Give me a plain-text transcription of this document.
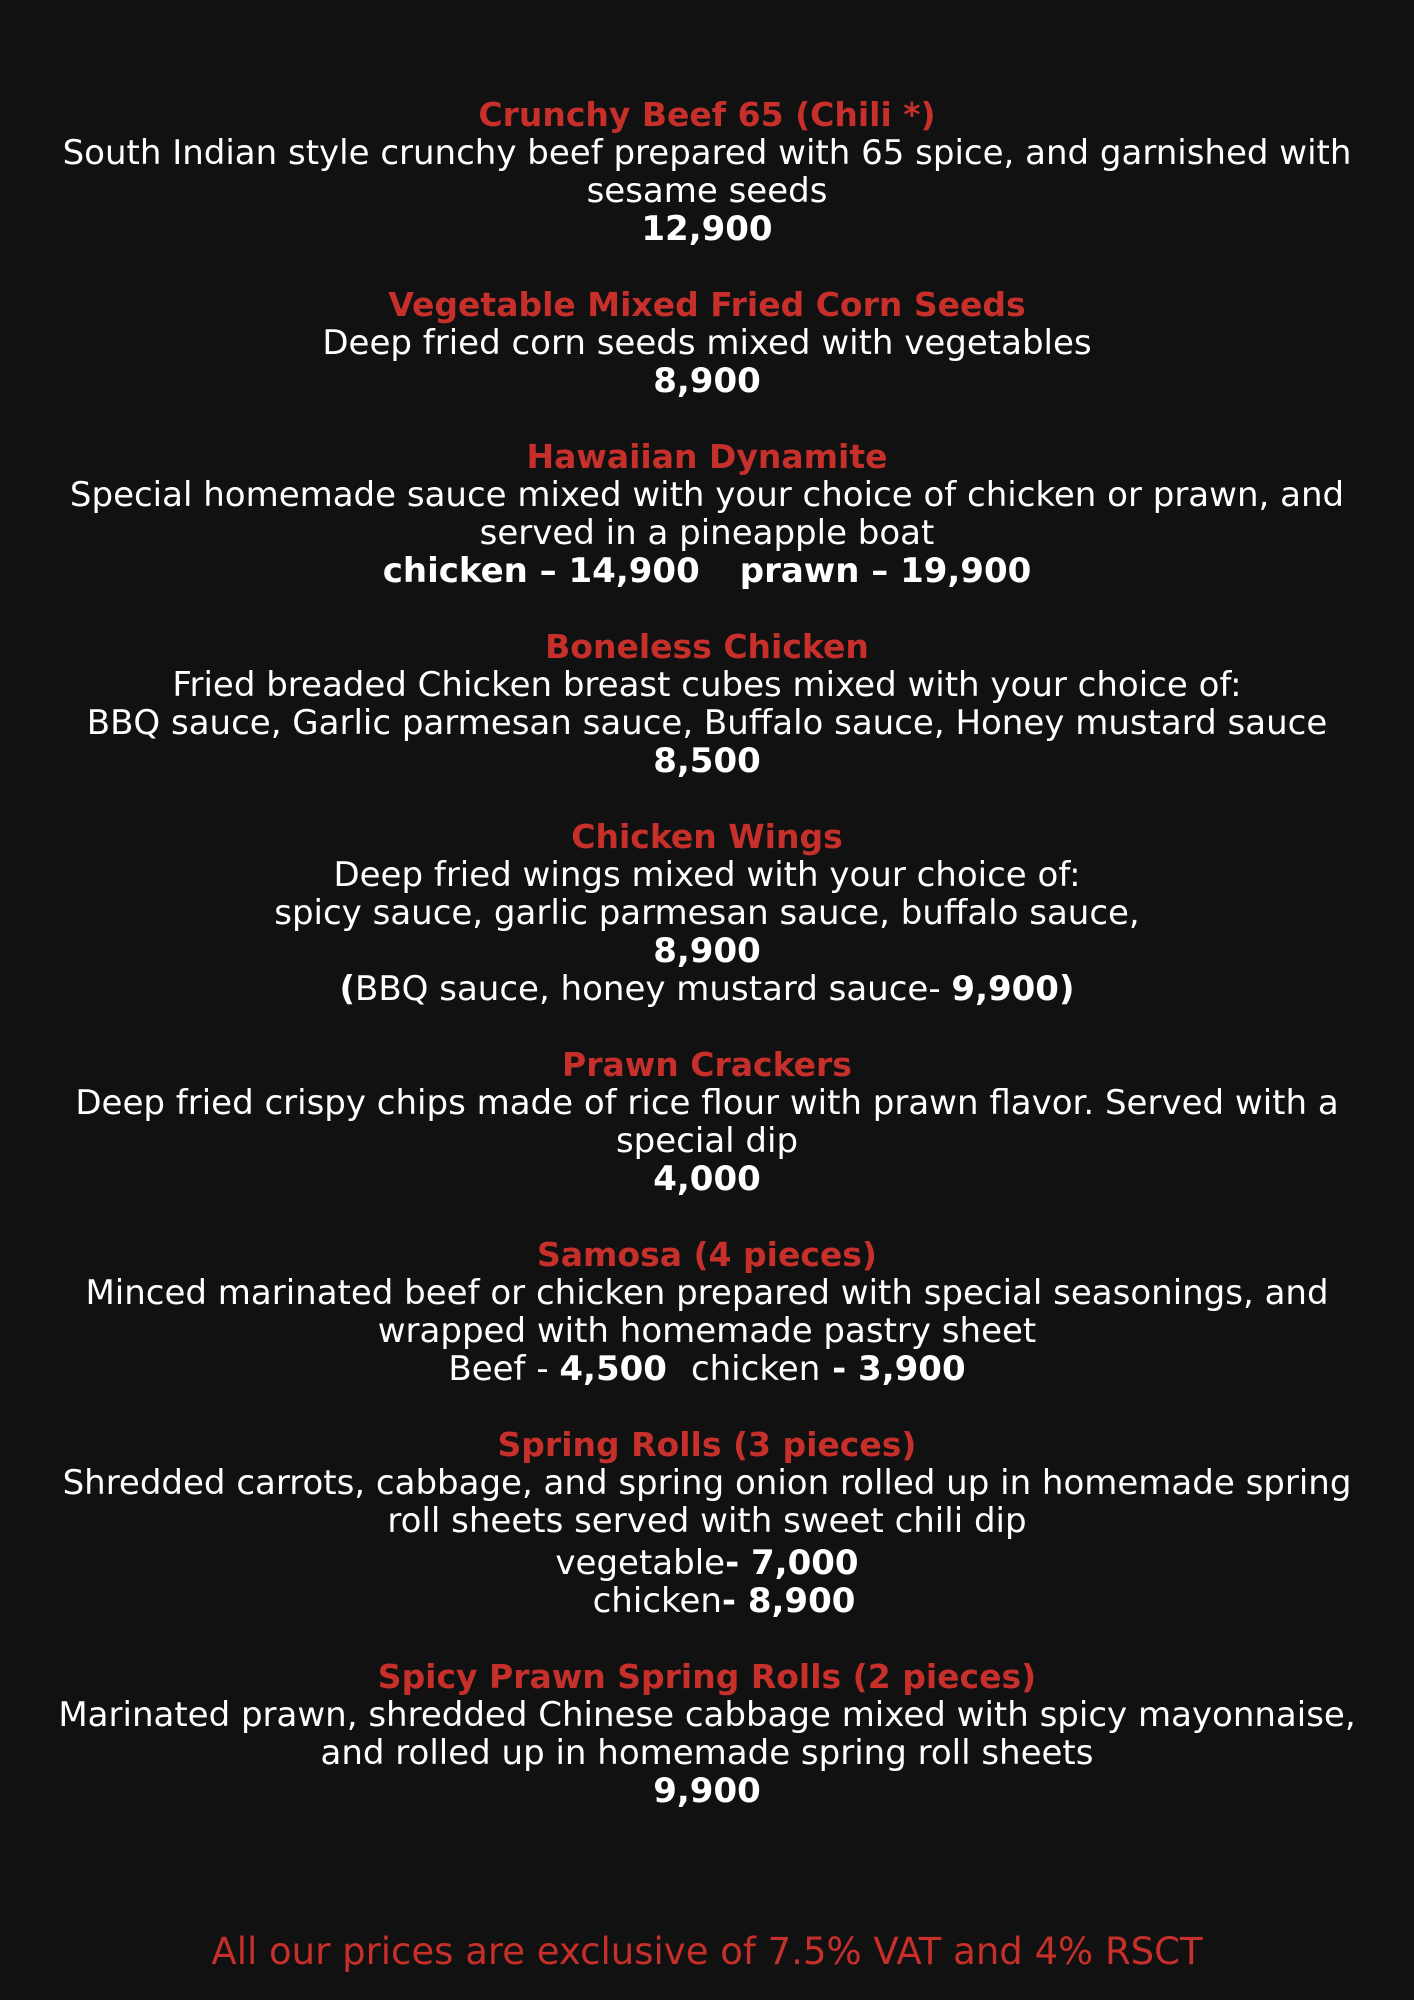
Crunchy Beef 65 (Chili *)
South Indian style crunchy beef prepared with 65 spice, and garnished with
sesame seeds
12,900
Vegetable Mixed Fried Corn Seeds
Deep fried corn seeds mixed with vegetables
8,900
Hawaiian Dynamite
Special homemade sauce mixed with your choice of chicken or prawn, and
served in a pineapple boat
chicken – 14,900 prawn – 19,900
Boneless Chicken
Fried breaded Chicken breast cubes mixed with your choice of:
BBQ sauce, Garlic parmesan sauce, Buffalo sauce, Honey mustard sauce
8,500
Chicken Wings
Deep fried wings mixed with your choice of:
spicy sauce, garlic parmesan sauce, buffalo sauce,
8,900
(BBQ sauce, honey mustard sauce- 9,900)
Prawn Crackers
Deep fried crispy chips made of rice flour with prawn flavor. Served with a
special dip
4,000
Samosa (4 pieces)
Minced marinated beef or chicken prepared with special seasonings, and
wrapped with homemade pastry sheet
Beef - 4,500 chicken - 3,900
Spring Rolls (3 pieces)
Shredded carrots, cabbage, and spring onion rolled up in homemade spring
roll sheets served with sweet chili dip
vegetable- 7,000
chicken- 8,900
Spicy Prawn Spring Rolls (2 pieces)
Marinated prawn, shredded Chinese cabbage mixed with spicy mayonnaise,
and rolled up in homemade spring roll sheets
9,900
All our prices are exclusive of 7.5% VAT and 4% RSCT
